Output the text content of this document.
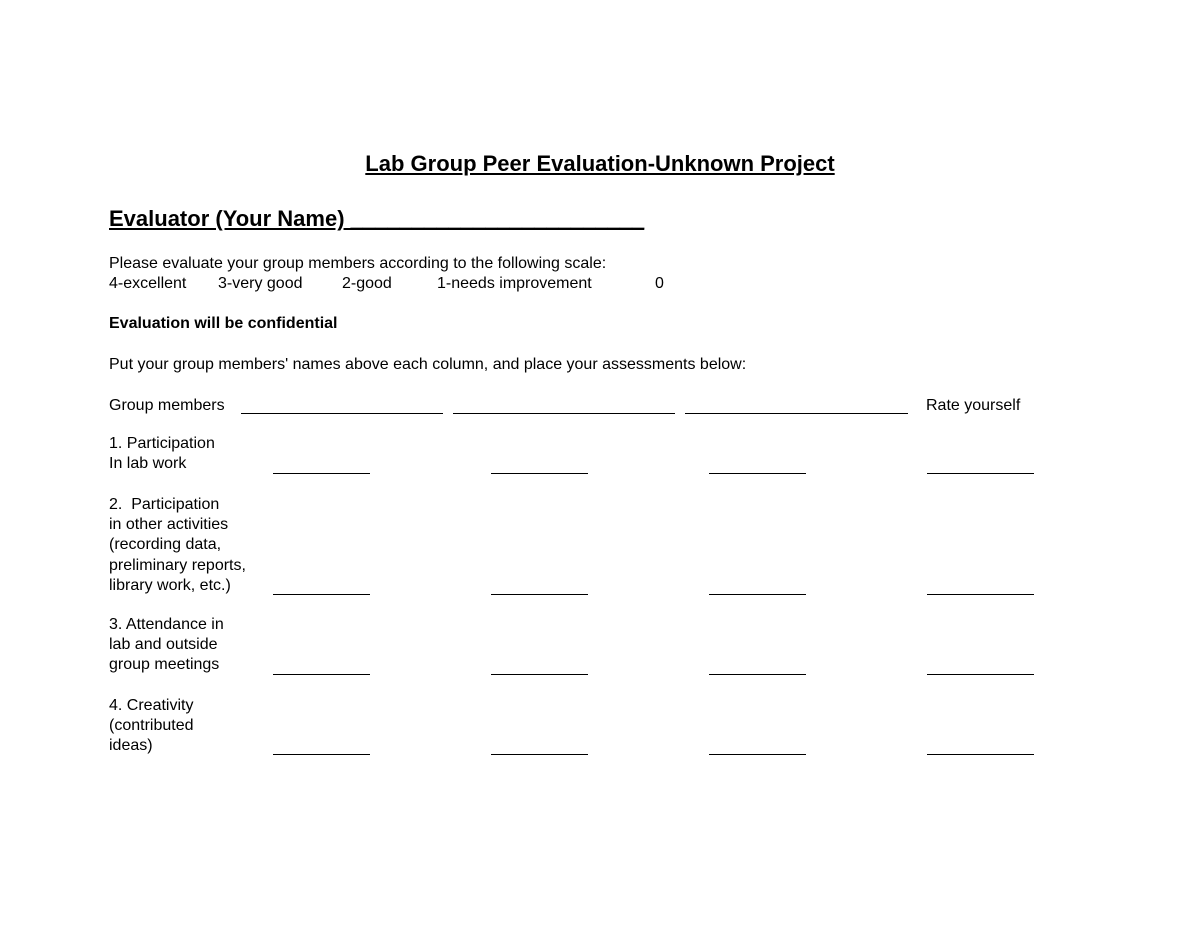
Lab Group Peer Evaluation-Unknown Project
Evaluator (Your Name) ________________________
Please evaluate your group members according to the following scale:
4-excellent 3-very good 2-good	1-needs improvement	0
Evaluation will be confidential
Put your group members' names above each column, and place your assessments below:
Group members	Rate yourself
1. Participation
In lab work
2.  Participation
in other activities
(recording data,
preliminary reports,
library work, etc.)
3. Attendance in
lab and outside
group meetings
4. Creativity
(contributed
ideas)
